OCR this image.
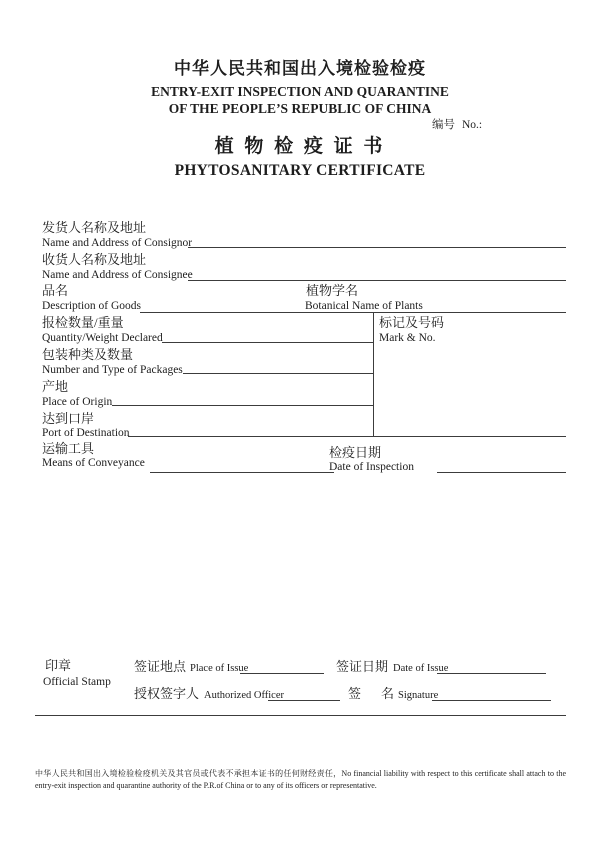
中华人民共和国出入境检验检疫
ENTRY-EXIT INSPECTION AND QUARANTINE
OF THE PEOPLE’S REPUBLIC OF CHINA
编号 No.:
植 物 检 疫 证 书
PHYTOSANITARY CERTIFICATE
发货人名称及地址
Name and Address of Consignor
收货人名称及地址
Name and Address of Consignee
品名	植物学名
Description of Goods	Botanical Name of Plants
报检数量/重量
Quantity/Weight Declared
标记及号码
Mark & No.
包装种类及数量
Number and Type of Packages
产地
Place of Origin
达到口岸
Port of Destination
运输工具
Means of Conveyance
检疫日期
Date of Inspection
印章
Official Stamp
签证地点 Place of Issue	签证日期 Date of Issue
授权签字人 Authorized Officer	签 名 Signature

中华人民共和国出入境检验检疫机关及其官员或代表不承担本证书的任何财经责任，No financial liability with respect to this certificate shall attach to the entry-exit inspection and quarantine authority of the P.R.of China or to any of its officers or representative.
